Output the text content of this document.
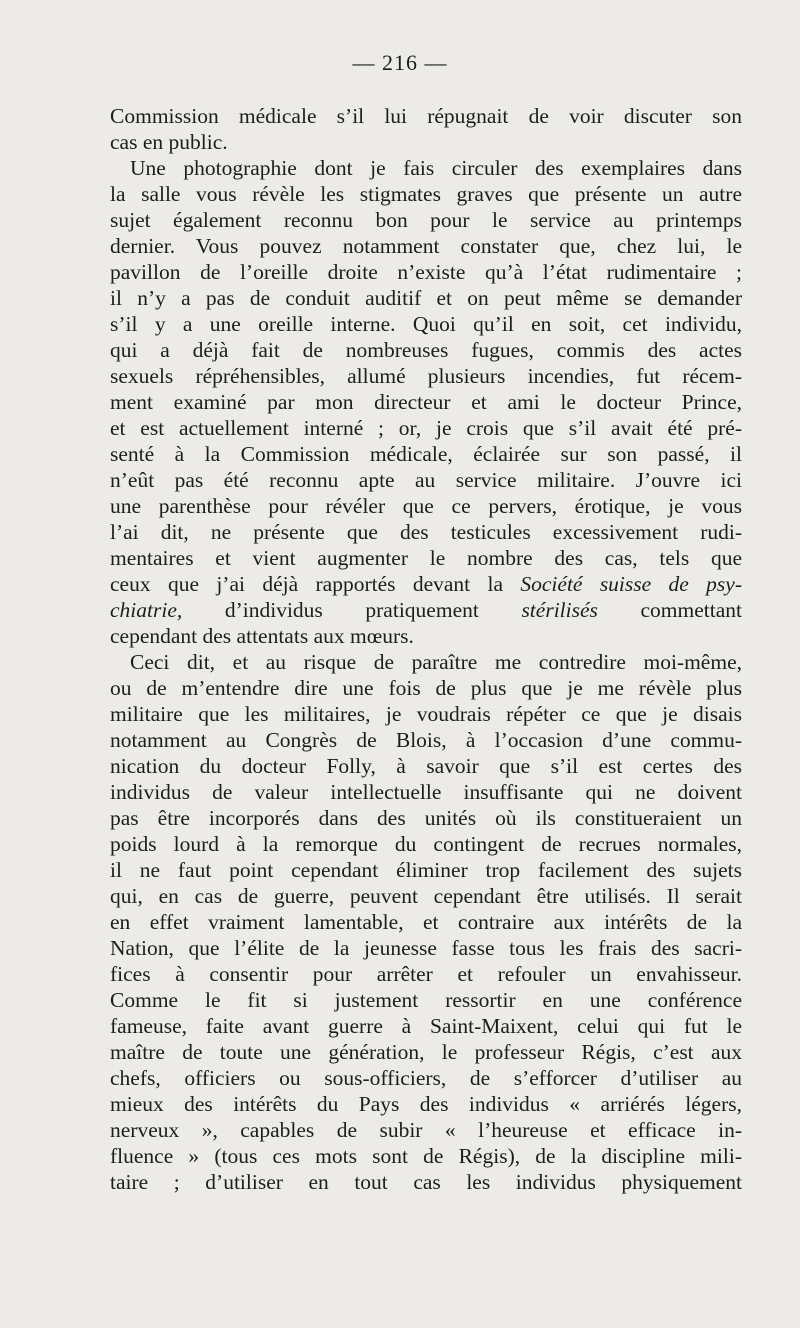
— 216 —
Commission médicale s’il lui répugnait de voir discuter son
cas en public.
Une photographie dont je fais circuler des exemplaires dans
la salle vous révèle les stigmates graves que présente un autre
sujet également reconnu bon pour le service au printemps
dernier. Vous pouvez notamment constater que, chez lui, le
pavillon de l’oreille droite n’existe qu’à l’état rudimentaire ;
il n’y a pas de conduit auditif et on peut même se demander
s’il y a une oreille interne. Quoi qu’il en soit, cet individu,
qui a déjà fait de nombreuses fugues, commis des actes
sexuels répréhensibles, allumé plusieurs incendies, fut récem-
ment examiné par mon directeur et ami le docteur Prince,
et est actuellement interné ; or, je crois que s’il avait été pré-
senté à la Commission médicale, éclairée sur son passé, il
n’eût pas été reconnu apte au service militaire. J’ouvre ici
une parenthèse pour révéler que ce pervers, érotique, je vous
l’ai dit, ne présente que des testicules excessivement rudi-
mentaires et vient augmenter le nombre des cas, tels que
ceux que j’ai déjà rapportés devant la Société suisse de psy-
chiatrie, d’individus pratiquement stérilisés commettant
cependant des attentats aux mœurs.
Ceci dit, et au risque de paraître me contredire moi-même,
ou de m’entendre dire une fois de plus que je me révèle plus
militaire que les militaires, je voudrais répéter ce que je disais
notamment au Congrès de Blois, à l’occasion d’une commu-
nication du docteur Folly, à savoir que s’il est certes des
individus de valeur intellectuelle insuffisante qui ne doivent
pas être incorporés dans des unités où ils constitueraient un
poids lourd à la remorque du contingent de recrues normales,
il ne faut point cependant éliminer trop facilement des sujets
qui, en cas de guerre, peuvent cependant être utilisés. Il serait
en effet vraiment lamentable, et contraire aux intérêts de la
Nation, que l’élite de la jeunesse fasse tous les frais des sacri-
fices à consentir pour arrêter et refouler un envahisseur.
Comme le fit si justement ressortir en une conférence
fameuse, faite avant guerre à Saint-Maixent, celui qui fut le
maître de toute une génération, le professeur Régis, c’est aux
chefs, officiers ou sous-officiers, de s’efforcer d’utiliser au
mieux des intérêts du Pays des individus « arriérés légers,
nerveux », capables de subir « l’heureuse et efficace in-
fluence » (tous ces mots sont de Régis), de la discipline mili-
taire ; d’utiliser en tout cas les individus physiquement
